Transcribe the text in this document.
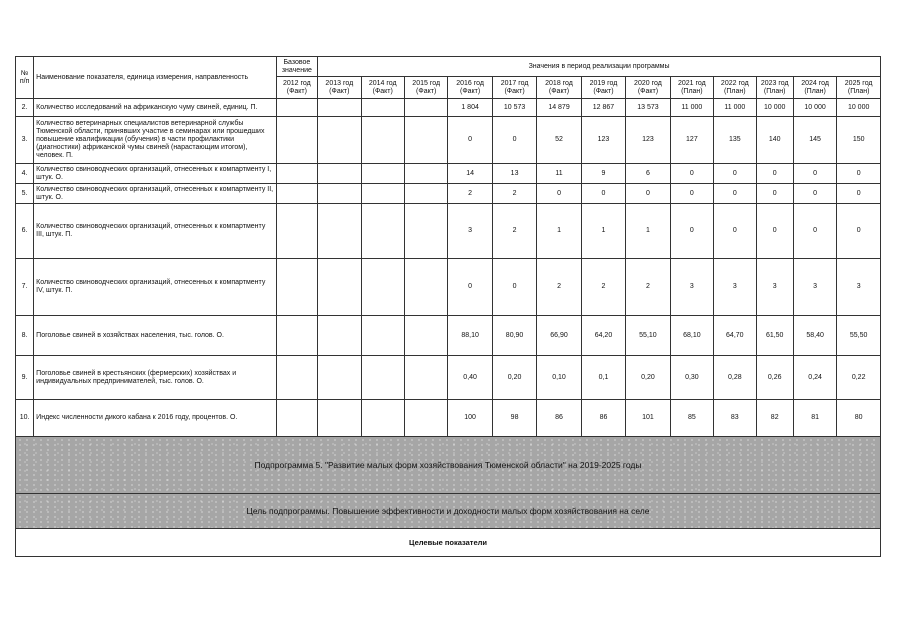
№ п/п	Наименование показателя, единица измерения, направленность	Базовое значение	Значения в период реализации программы												
		2012 год (Факт)	2013 год (Факт)	2014 год (Факт)	2015 год (Факт)	2016 год (Факт)	2017 год (Факт)	2018 год (Факт)	2019 год (Факт)	2020 год (Факт)	2021 год (План)	2022 год (План)	2023 год (План)	2024 год (План)	2025 год (План)
2.	Количество исследований на африканскую чуму свиней, единиц. П.					1 804	10 573	14 879	12 867	13 573	11 000	11 000	10 000	10 000	10 000
3.	Количество ветеринарных специалистов ветеринарной службы Тюменской области, принявших участие в семинарах или прошедших повышение квалификации (обучения) в части профилактики (диагностики) африканской чумы свиней (нарастающим итогом), человек. П.					0	0	52	123	123	127	135	140	145	150
4.	Количество свиноводческих организаций, отнесенных к компартменту I, штук. О.					14	13	11	9	6	0	0	0	0	0
5.	Количество свиноводческих организаций, отнесенных к компартменту II, штук. О.					2	2	0	0	0	0	0	0	0	0
6.	Количество свиноводческих организаций, отнесенных к компартменту III, штук. П.					3	2	1	1	1	0	0	0	0	0
7.	Количество свиноводческих организаций, отнесенных к компартменту IV, штук. П.					0	0	2	2	2	3	3	3	3	3
8.	Поголовье свиней в хозяйствах населения, тыс. голов. О.					88,10	80,90	66,90	64,20	55,10	68,10	64,70	61,50	58,40	55,50
9.	Поголовье свиней в крестьянских (фермерских) хозяйствах и индивидуальных предпринимателей, тыс. голов. О.					0,40	0,20	0,10	0,1	0,20	0,30	0,28	0,26	0,24	0,22
10.	Индекс численности дикого кабана к 2016 году, процентов. О.					100	98	86	86	101	85	83	82	81	80
Подпрограмма 5. "Развитие малых форм хозяйствования Тюменской области" на 2019-2025 годы															
Цель подпрограммы. Повышение эффективности и доходности малых форм хозяйствования на селе															
Целевые показатели															
